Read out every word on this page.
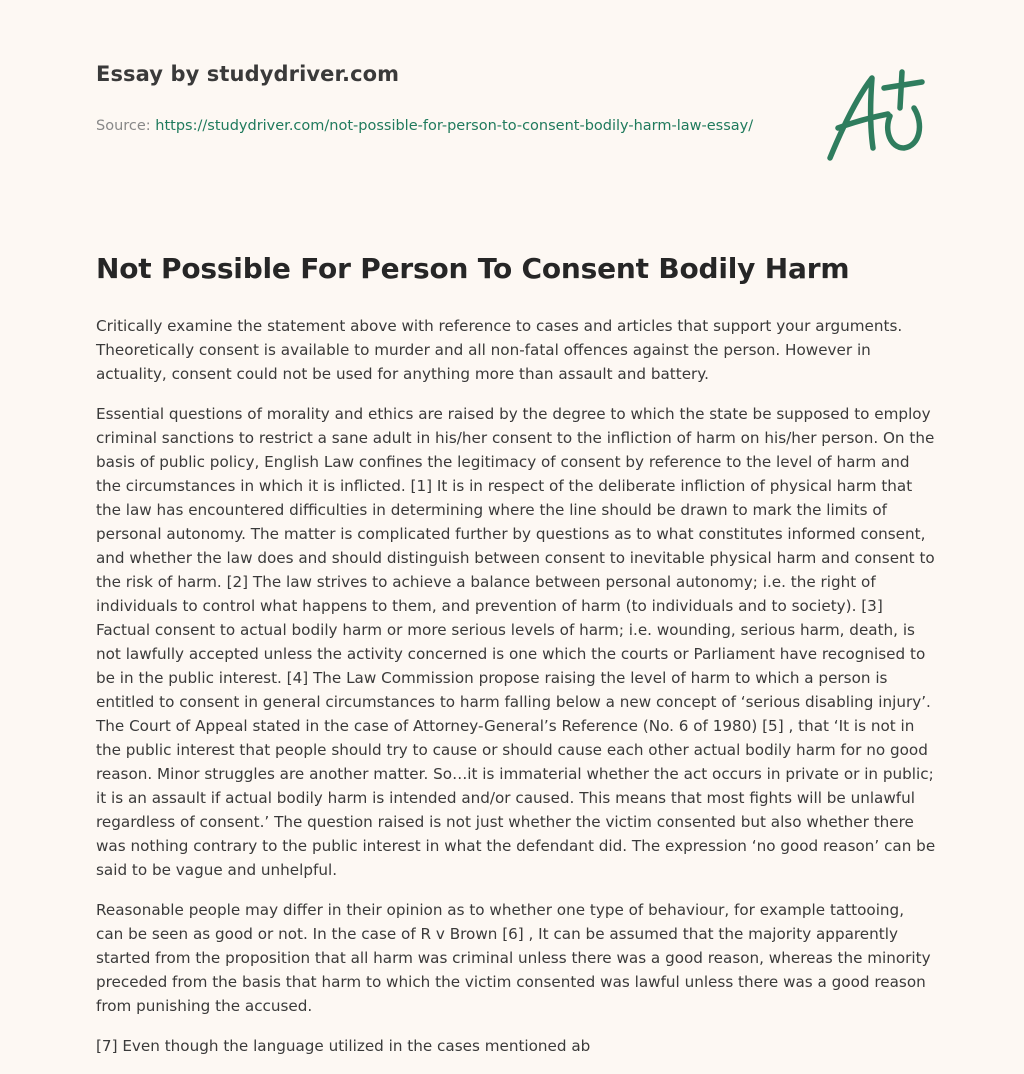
Essay by studydriver.com
Source: https://studydriver.com/not-possible-for-person-to-consent-bodily-harm-law-essay/
Not Possible For Person To Consent Bodily Harm

Critically examine the statement above with reference to cases and articles that support your arguments. Theoretically consent is available to murder and all non-fatal offences against the person. However in actuality, consent could not be used for anything more than assault and battery.

Essential questions of morality and ethics are raised by the degree to which the state be supposed to employ criminal sanctions to restrict a sane adult in his/her consent to the infliction of harm on his/her person. On the basis of public policy, English Law confines the legitimacy of consent by reference to the level of harm and the circumstances in which it is inflicted. [1] It is in respect of the deliberate infliction of physical harm that the law has encountered difficulties in determining where the line should be drawn to mark the limits of personal autonomy. The matter is complicated further by questions as to what constitutes informed consent, and whether the law does and should distinguish between consent to inevitable physical harm and consent to the risk of harm. [2] The law strives to achieve a balance between personal autonomy; i.e. the right of individuals to control what happens to them, and prevention of harm (to individuals and to society). [3] Factual consent to actual bodily harm or more serious levels of harm; i.e. wounding, serious harm, death, is not lawfully accepted unless the activity concerned is one which the courts or Parliament have recognised to be in the public interest. [4] The Law Commission propose raising the level of harm to which a person is entitled to consent in general circumstances to harm falling below a new concept of ‘serious disabling injury’. The Court of Appeal stated in the case of Attorney-General’s Reference (No. 6 of 1980) [5] , that ‘It is not in the public interest that people should try to cause or should cause each other actual bodily harm for no good reason. Minor struggles are another matter. So…it is immaterial whether the act occurs in private or in public; it is an assault if actual bodily harm is intended and/or caused. This means that most fights will be unlawful regardless of consent.’ The question raised is not just whether the victim consented but also whether there was nothing contrary to the public interest in what the defendant did. The expression ‘no good reason’ can be said to be vague and unhelpful.

Reasonable people may differ in their opinion as to whether one type of behaviour, for example tattooing, can be seen as good or not. In the case of R v Brown [6] , It can be assumed that the majority apparently started from the proposition that all harm was criminal unless there was a good reason, whereas the minority preceded from the basis that harm to which the victim consented was lawful unless there was a good reason from punishing the accused.

[7] Even though the language utilized in the cases mentioned ab
